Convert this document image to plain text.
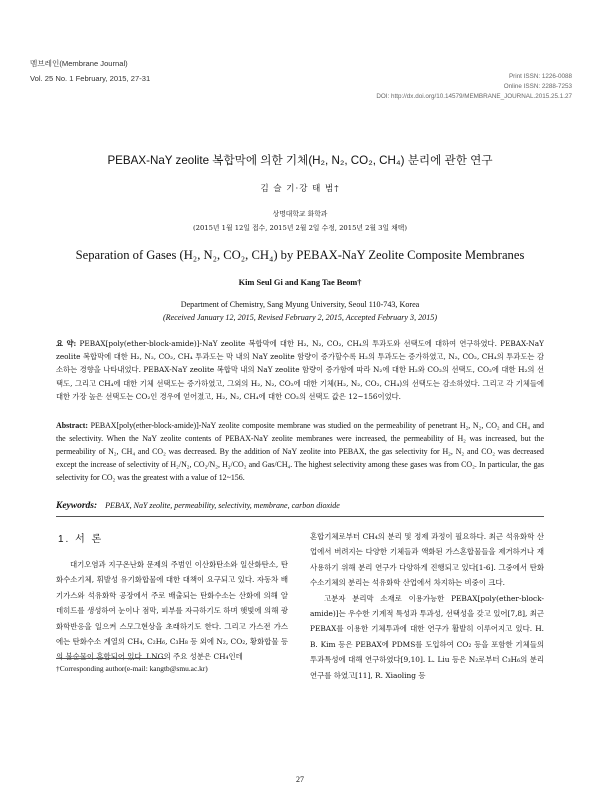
멤브레인(Membrane Journal)
Vol. 25 No. 1 February, 2015, 27-31	Print ISSN: 1226-0088
Online ISSN: 2288-7253
DOI: http://dx.doi.org/10.14579/MEMBRANE_JOURNAL.2015.25.1.27
PEBAX-NaY zeolite 복합막에 의한 기체(H₂, N₂, CO₂, CH₄) 분리에 관한 연구
김 슬 기·강 태 범†
상명대학교 화학과
(2015년 1월 12일 접수, 2015년 2월 2일 수정, 2015년 2월 3일 채택)
Separation of Gases (H₂, N₂, CO₂, CH₄) by PEBAX-NaY Zeolite Composite Membranes
Kim Seul Gi and Kang Tae Beom†
Department of Chemistry, Sang Myung University, Seoul 110-743, Korea
(Received January 12, 2015, Revised February 2, 2015, Accepted February 3, 2015)
요 약: PEBAX[poly(ether-block-amide)]-NaY zeolite 복합막에 대한 H₂, N₂, CO₂, CH₄의 투과도와 선택도에 대하여 연구하였다. PEBAX-NaY zeolite 복합막에 대한 H₂, N₂, CO₂, CH₄ 투과도는 막 내의 NaY zeolite 함량이 증가할수록 H₂의 투과도는 증가하였고, N₂, CO₂, CH₄의 투과도는 감소하는 경향을 나타내었다. PEBAX-NaY zeolite 복합막 내의 NaY zeolite 함량이 증가함에 따라 N₂에 대한 H₂와 CO₂의 선택도, CO₂에 대한 H₂의 선택도, 그리고 CH₄에 대한 기체 선택도는 증가하였고, 그외의 H₂, N₂, CO₂에 대한 기체(H₂, N₂, CO₂, CH₄)의 선택도는 감소하였다. 그리고 각 기체들에 대한 가장 높은 선택도는 CO₂인 경우에 얻어졌고, H₂, N₂, CH₄에 대한 CO₂의 선택도 값은 12~156이었다.
Abstract: PEBAX[poly(ether-block-amide)]-NaY zeolite composite membrane was studied on the permeability of penetrant H₂, N₂, CO₂ and CH₄ and the selectivity. When the NaY zeolite contents of PEBAX-NaY zeolite membranes were increased, the permeability of H₂ was increased, but the permeability of N₂, CH₄ and CO₂ was decreased. By the addition of NaY zeolite into PEBAX, the gas selectivity for H₂, N₂ and CO₂ was decreased except the increase of selectivity of H₂/N₂, CO₂/N₂, H₂/CO₂ and Gas/CH₄. The highest selectivity among these gases was from CO₂. In particular, the gas selectivity for CO₂ was the greatest with a value of 12~156.
Keywords: PEBAX, NaY zeolite, permeability, selectivity, membrane, carbon dioxide
1. 서 론

대기오염과 지구온난화 문제의 주범인 이산화탄소와 일산화탄소, 탄화수소기체, 휘발성 유기화합물에 대한 대책이 요구되고 있다. 자동차 배기가스와 석유화학 공장에서 주로 배출되는 탄화수소는 산화에 의해 알데히드를 생성하여 눈이나 점막, 피부를 자극하기도 하며 햇빛에 의해 광화학반응을 일으켜 스모그현상을 초래하기도 한다. 그리고 가스전 가스에는 탄화수소 계열의 CH₄, C₂H₆, C₃H₈ 등 외에 N₂, CO₂, 황화합물 등의 불순물이 혼합되어 있다. LNG의 주요 성분은 CH₄인데

혼합기체로부터 CH₄의 분리 및 정제 과정이 필요하다. 최근 석유화학 산업에서 버려지는 다양한 기체들과 액화된 가스혼합물들을 제거하거나 재사용하기 위해 분리 연구가 다양하게 진행되고 있다[1-6]. 그중에서 탄화수소기체의 분리는 석유화학 산업에서 차지하는 비중이 크다.

고분자 분리막 소재로 이용가능한 PEBAX[poly(ether-block-amide)]는 우수한 기계적 특성과 투과성, 선택성을 갖고 있어[7,8], 최근 PEBAX를 이용한 기체투과에 대한 연구가 활발히 이루어지고 있다. H. B. Kim 등은 PEBAX에 PDMS를 도입하여 CO₂ 등을 포함한 기체들의 투과특성에 대해 연구하였다[9,10]. L. Liu 등은 N₂로부터 C₃H₆의 분리연구를 하였고[11], R. Xiaoling 등

†Corresponding author(e-mail: kangtb@smu.ac.kr)
27
